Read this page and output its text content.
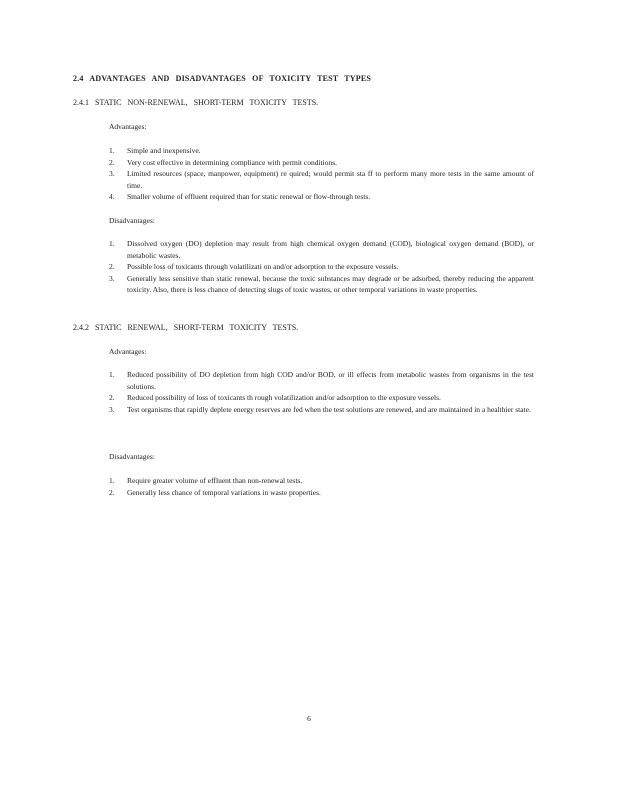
2.4 ADVANTAGES AND DISADVANTAGES OF TOXICITY TEST TYPES
2.4.1 STATIC NON-RENEWAL, SHORT-TERM TOXICITY TESTS.
Advantages:
1. Simple and inexpensive.
2. Very cost effective in determining compliance with permit conditions.
3. Limited resources (space, manpower, equipment) re quired; would permit sta ff to perform many more tests in the same amount of time.
4. Smaller volume of effluent required than for static renewal or flow-through tests.
Disadvantages:
1. Dissolved oxygen (DO) depletion may result from high chemical oxygen demand (COD), biological oxygen demand (BOD), or metabolic wastes.
2. Possible loss of toxicants through volatilizati on and/or adsorption to the exposure vessels.
3. Generally less sensitive than static renewal, because the toxic substances may degrade or be adsorbed, thereby reducing the apparent toxicity. Also, there is less chance of detecting slugs of toxic wastes, or other temporal variations in waste properties.
2.4.2 STATIC RENEWAL, SHORT-TERM TOXICITY TESTS.
Advantages:
1. Reduced possibility of DO depletion from high COD and/or BOD, or ill effects from metabolic wastes from organisms in the test solutions.
2. Reduced possibility of loss of toxicants th rough volatilization and/or adsorption to the exposure vessels.
3. Test organisms that rapidly deplete energy reserves are fed when the test solutions are renewed, and are maintained in a healthier state.
Disadvantages:
1. Require greater volume of effluent than non-renewal tests.
2. Generally less chance of temporal variations in waste properties.
6
